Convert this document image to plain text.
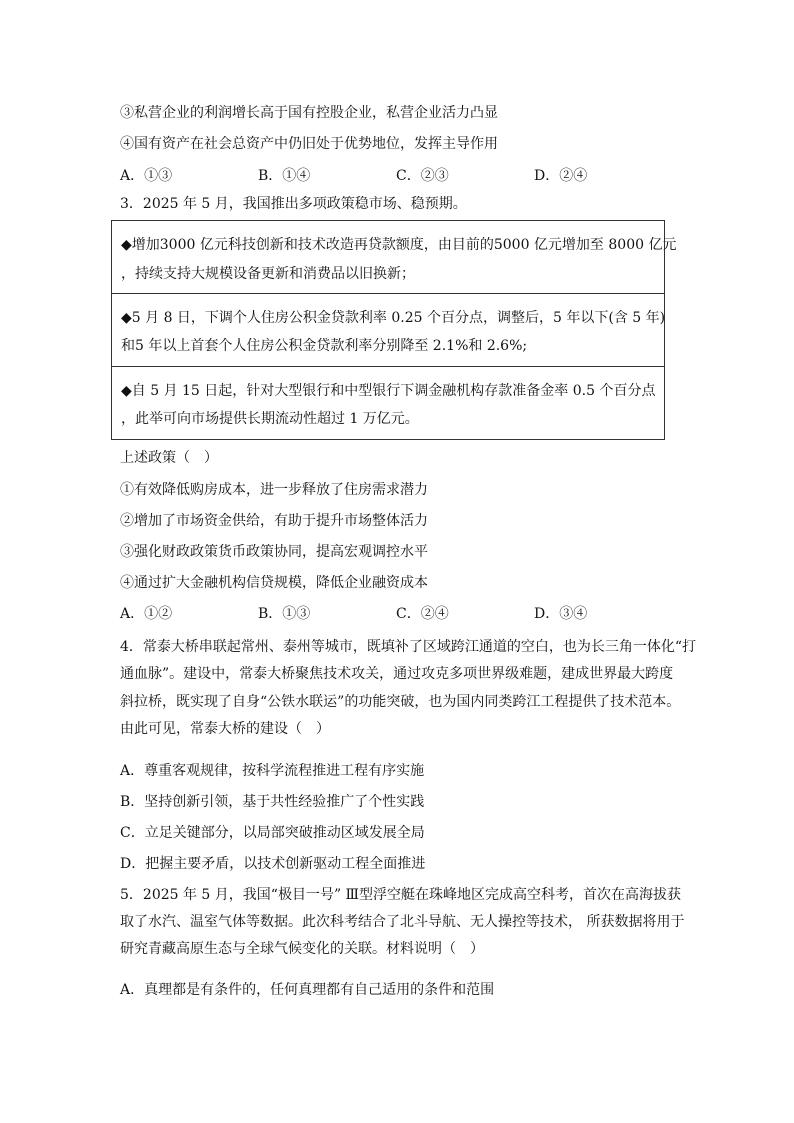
③私营企业的利润增长高于国有控股企业，私营企业活力凸显
④国有资产在社会总资产中仍旧处于优势地位，发挥主导作用
A．①③	B．①④	C．②③	D．②④
3．2025 年 5 月，我国推出多项政策稳市场、稳预期。
◆增加3000 亿元科技创新和技术改造再贷款额度，由目前的5000 亿元增加至 8000 亿元
，持续支持大规模设备更新和消费品以旧换新；
◆5 月 8 日，下调个人住房公积金贷款利率 0.25 个百分点，调整后，5 年以下(含 5 年)
和5 年以上首套个人住房公积金贷款利率分别降至 2.1%和 2.6%;
◆自 5 月 15 日起，针对大型银行和中型银行下调金融机构存款准备金率 0.5 个百分点
，此举可向市场提供长期流动性超过 1 万亿元。
上述政策（　）
①有效降低购房成本，进一步释放了住房需求潜力
②增加了市场资金供给，有助于提升市场整体活力
③强化财政政策货币政策协同，提高宏观调控水平
④通过扩大金融机构信贷规模，降低企业融资成本
A．①②	B．①③	C．②④	D．③④
4．常泰大桥串联起常州、泰州等城市，既填补了区域跨江通道的空白，也为长三角一体化“打
通血脉”。建设中，常泰大桥聚焦技术攻关，通过攻克多项世界级难题，建成世界最大跨度
斜拉桥，既实现了自身“公铁水联运”的功能突破，也为国内同类跨江工程提供了技术范本。
由此可见，常泰大桥的建设（　）
A．尊重客观规律，按科学流程推进工程有序实施
B．坚持创新引领，基于共性经验推广了个性实践
C．立足关键部分，以局部突破推动区域发展全局
D．把握主要矛盾，以技术创新驱动工程全面推进
5．2025 年 5 月，我国“极目一号” Ⅲ型浮空艇在珠峰地区完成高空科考，首次在高海拔获
取了水汽、温室气体等数据。此次科考结合了北斗导航、无人操控等技术， 所获数据将用于
研究青藏高原生态与全球气候变化的关联。材料说明（　）
A．真理都是有条件的，任何真理都有自己适用的条件和范围
